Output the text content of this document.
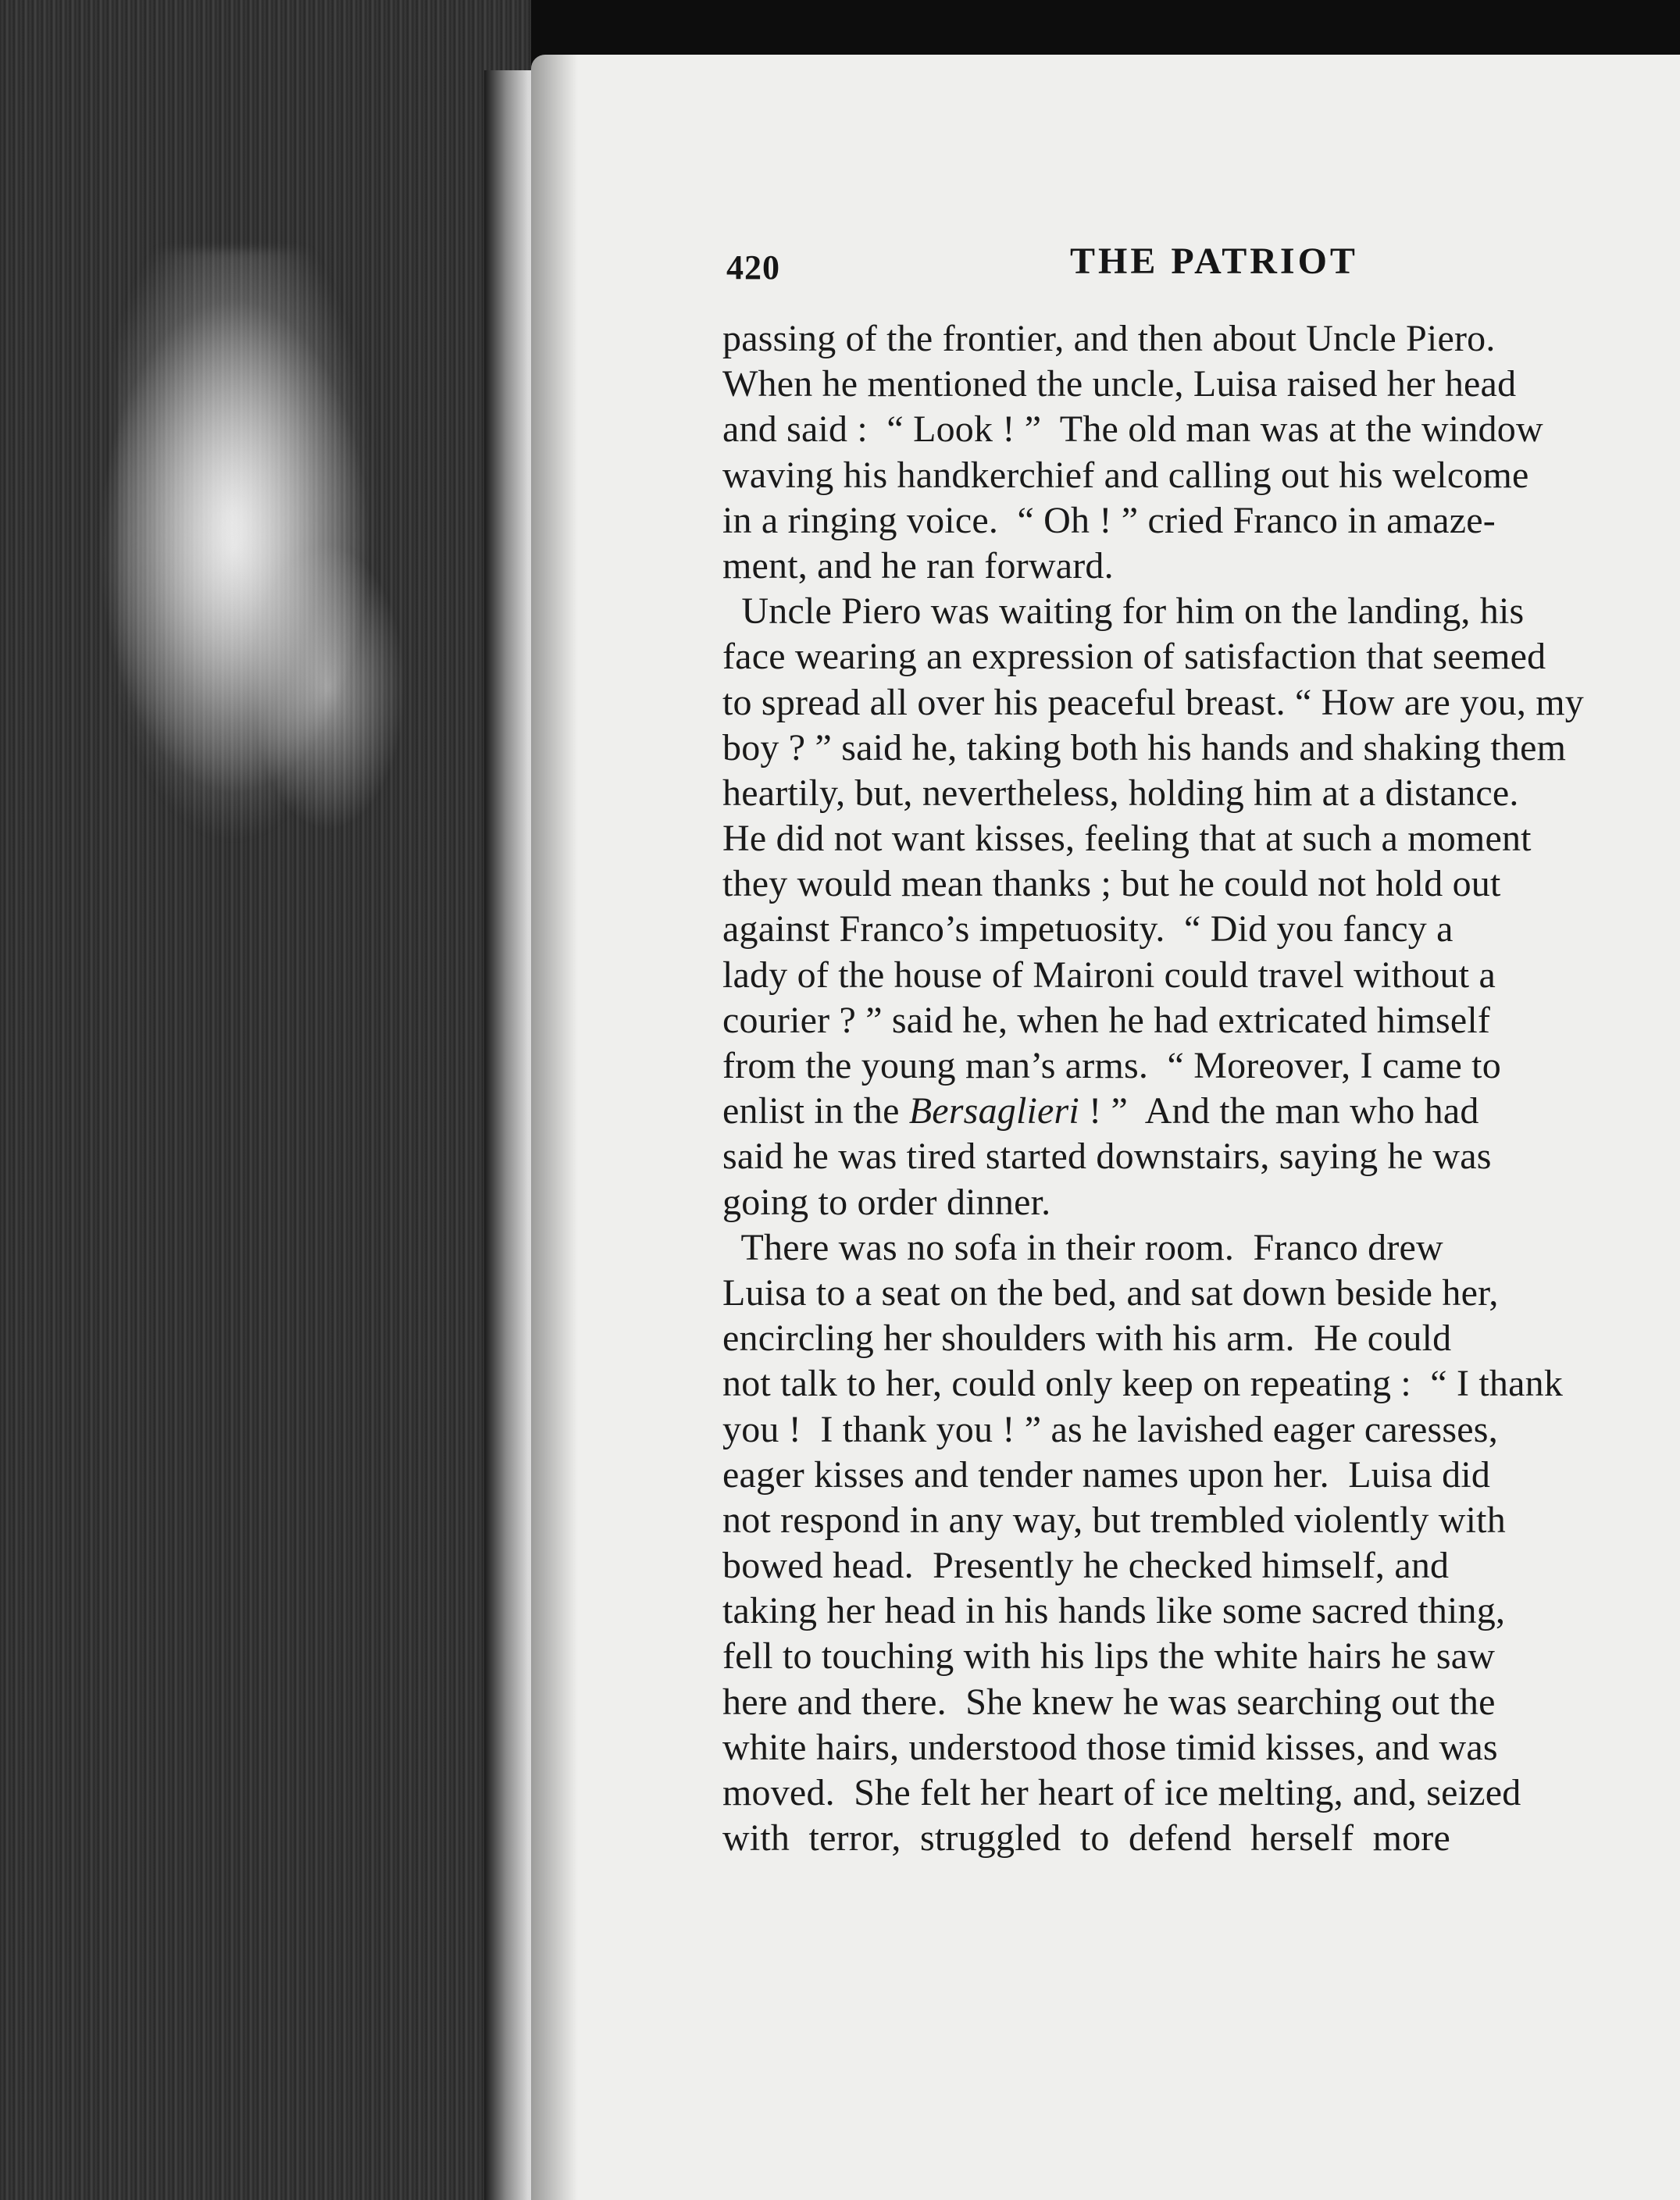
420	THE PATRIOT
passing of the frontier, and then about Uncle Piero.
When he mentioned the uncle, Luisa raised her head
and said :  “ Look ! ”  The old man was at the window
waving his handkerchief and calling out his welcome
in a ringing voice.  “ Oh ! ” cried Franco in amaze-
ment, and he ran forward.
Uncle Piero was waiting for him on the landing, his
face wearing an expression of satisfaction that seemed
to spread all over his peaceful breast. “ How are you, my
boy ? ” said he, taking both his hands and shaking them
heartily, but, nevertheless, holding him at a distance.
He did not want kisses, feeling that at such a moment
they would mean thanks ; but he could not hold out
against Franco’s impetuosity.  “ Did you fancy a
lady of the house of Maironi could travel without a
courier ? ” said he, when he had extricated himself
from the young man’s arms.  “ Moreover, I came to
enlist in the Bersaglieri ! ”  And the man who had
said he was tired started downstairs, saying he was
going to order dinner.
There was no sofa in their room.  Franco drew
Luisa to a seat on the bed, and sat down beside her,
encircling her shoulders with his arm.  He could
not talk to her, could only keep on repeating :  “ I thank
you !  I thank you ! ” as he lavished eager caresses,
eager kisses and tender names upon her.  Luisa did
not respond in any way, but trembled violently with
bowed head.  Presently he checked himself, and
taking her head in his hands like some sacred thing,
fell to touching with his lips the white hairs he saw
here and there.  She knew he was searching out the
white hairs, understood those timid kisses, and was
moved.  She felt her heart of ice melting, and, seized
with  terror,  struggled  to  defend  herself  more
